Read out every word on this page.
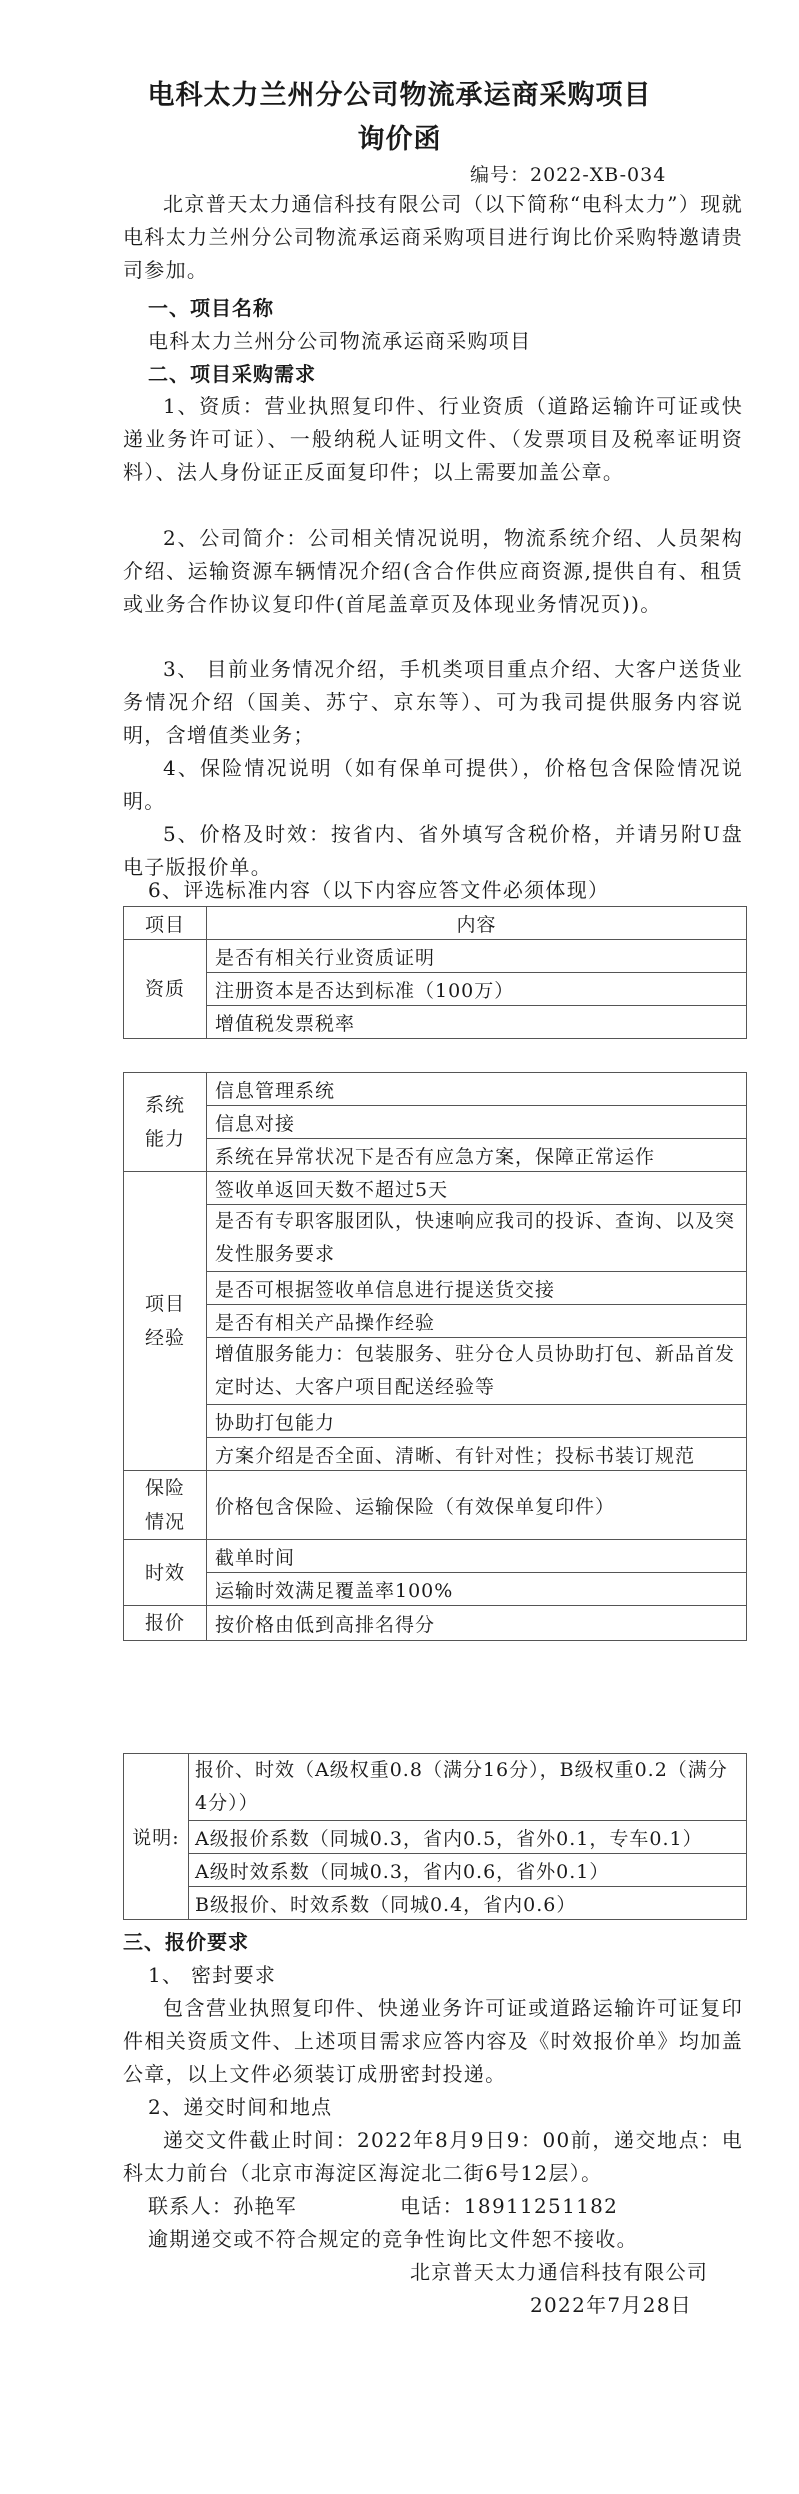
电科太力兰州分公司物流承运商采购项目
询价函
编号：2022-XB-034
北京普天太力通信科技有限公司（以下简称“电科太力”）现就电科太力兰州分公司物流承运商采购项目进行询比价采购特邀请贵司参加。
一、项目名称
电科太力兰州分公司物流承运商采购项目
二、项目采购需求
1、资质：营业执照复印件、行业资质（道路运输许可证或快递业务许可证）、一般纳税人证明文件、（发票项目及税率证明资料）、法人身份证正反面复印件；以上需要加盖公章。
2、公司简介：公司相关情况说明，物流系统介绍、人员架构介绍、运输资源车辆情况介绍(含合作供应商资源,提供自有、租赁或业务合作协议复印件(首尾盖章页及体现业务情况页))。
3、 目前业务情况介绍，手机类项目重点介绍、大客户送货业务情况介绍（国美、苏宁、京东等）、可为我司提供服务内容说明，含增值类业务；
4、保险情况说明（如有保单可提供），价格包含保险情况说明。
5、价格及时效：按省内、省外填写含税价格，并请另附U盘电子版报价单。
6、评选标准内容（以下内容应答文件必须体现）
项目	内容
资质	是否有相关行业资质证明
	注册资本是否达到标准（100万）
	增值税发票税率
系统
能力	信息管理系统
	信息对接
	系统在异常状况下是否有应急方案，保障正常运作

项目
经验	签收单返回天数不超过5天
	是否有专职客服团队，快速响应我司的投诉、查询、以及突发性服务要求
	是否可根据签收单信息进行提送货交接
	是否有相关产品操作经验
	增值服务能力：包装服务、驻分仓人员协助打包、新品首发定时达、大客户项目配送经验等
	协助打包能力
	方案介绍是否全面、清晰、有针对性；投标书装订规范

保险
情况	价格包含保险、运输保险（有效保单复印件）
时效	截单时间
	运输时效满足覆盖率100%
报价	按价格由低到高排名得分
说明:	报价、时效（A级权重0.8（满分16分），B级权重0.2（满分4分））
A级报价系数（同城0.3，省内0.5，省外0.1，专车0.1）
A级时效系数（同城0.3，省内0.6，省外0.1）
B级报价、时效系数（同城0.4，省内0.6）
三、报价要求
1、 密封要求
包含营业执照复印件、快递业务许可证或道路运输许可证复印件相关资质文件、上述项目需求应答内容及《时效报价单》均加盖公章，以上文件必须装订成册密封投递。
2、递交时间和地点
递交文件截止时间：2022年8月9日9：00前，递交地点：电科太力前台（北京市海淀区海淀北二街6号12层）。
联系人：孙艳军	电话：18911251182
逾期递交或不符合规定的竞争性询比文件恕不接收。
北京普天太力通信科技有限公司
2022年7月28日
